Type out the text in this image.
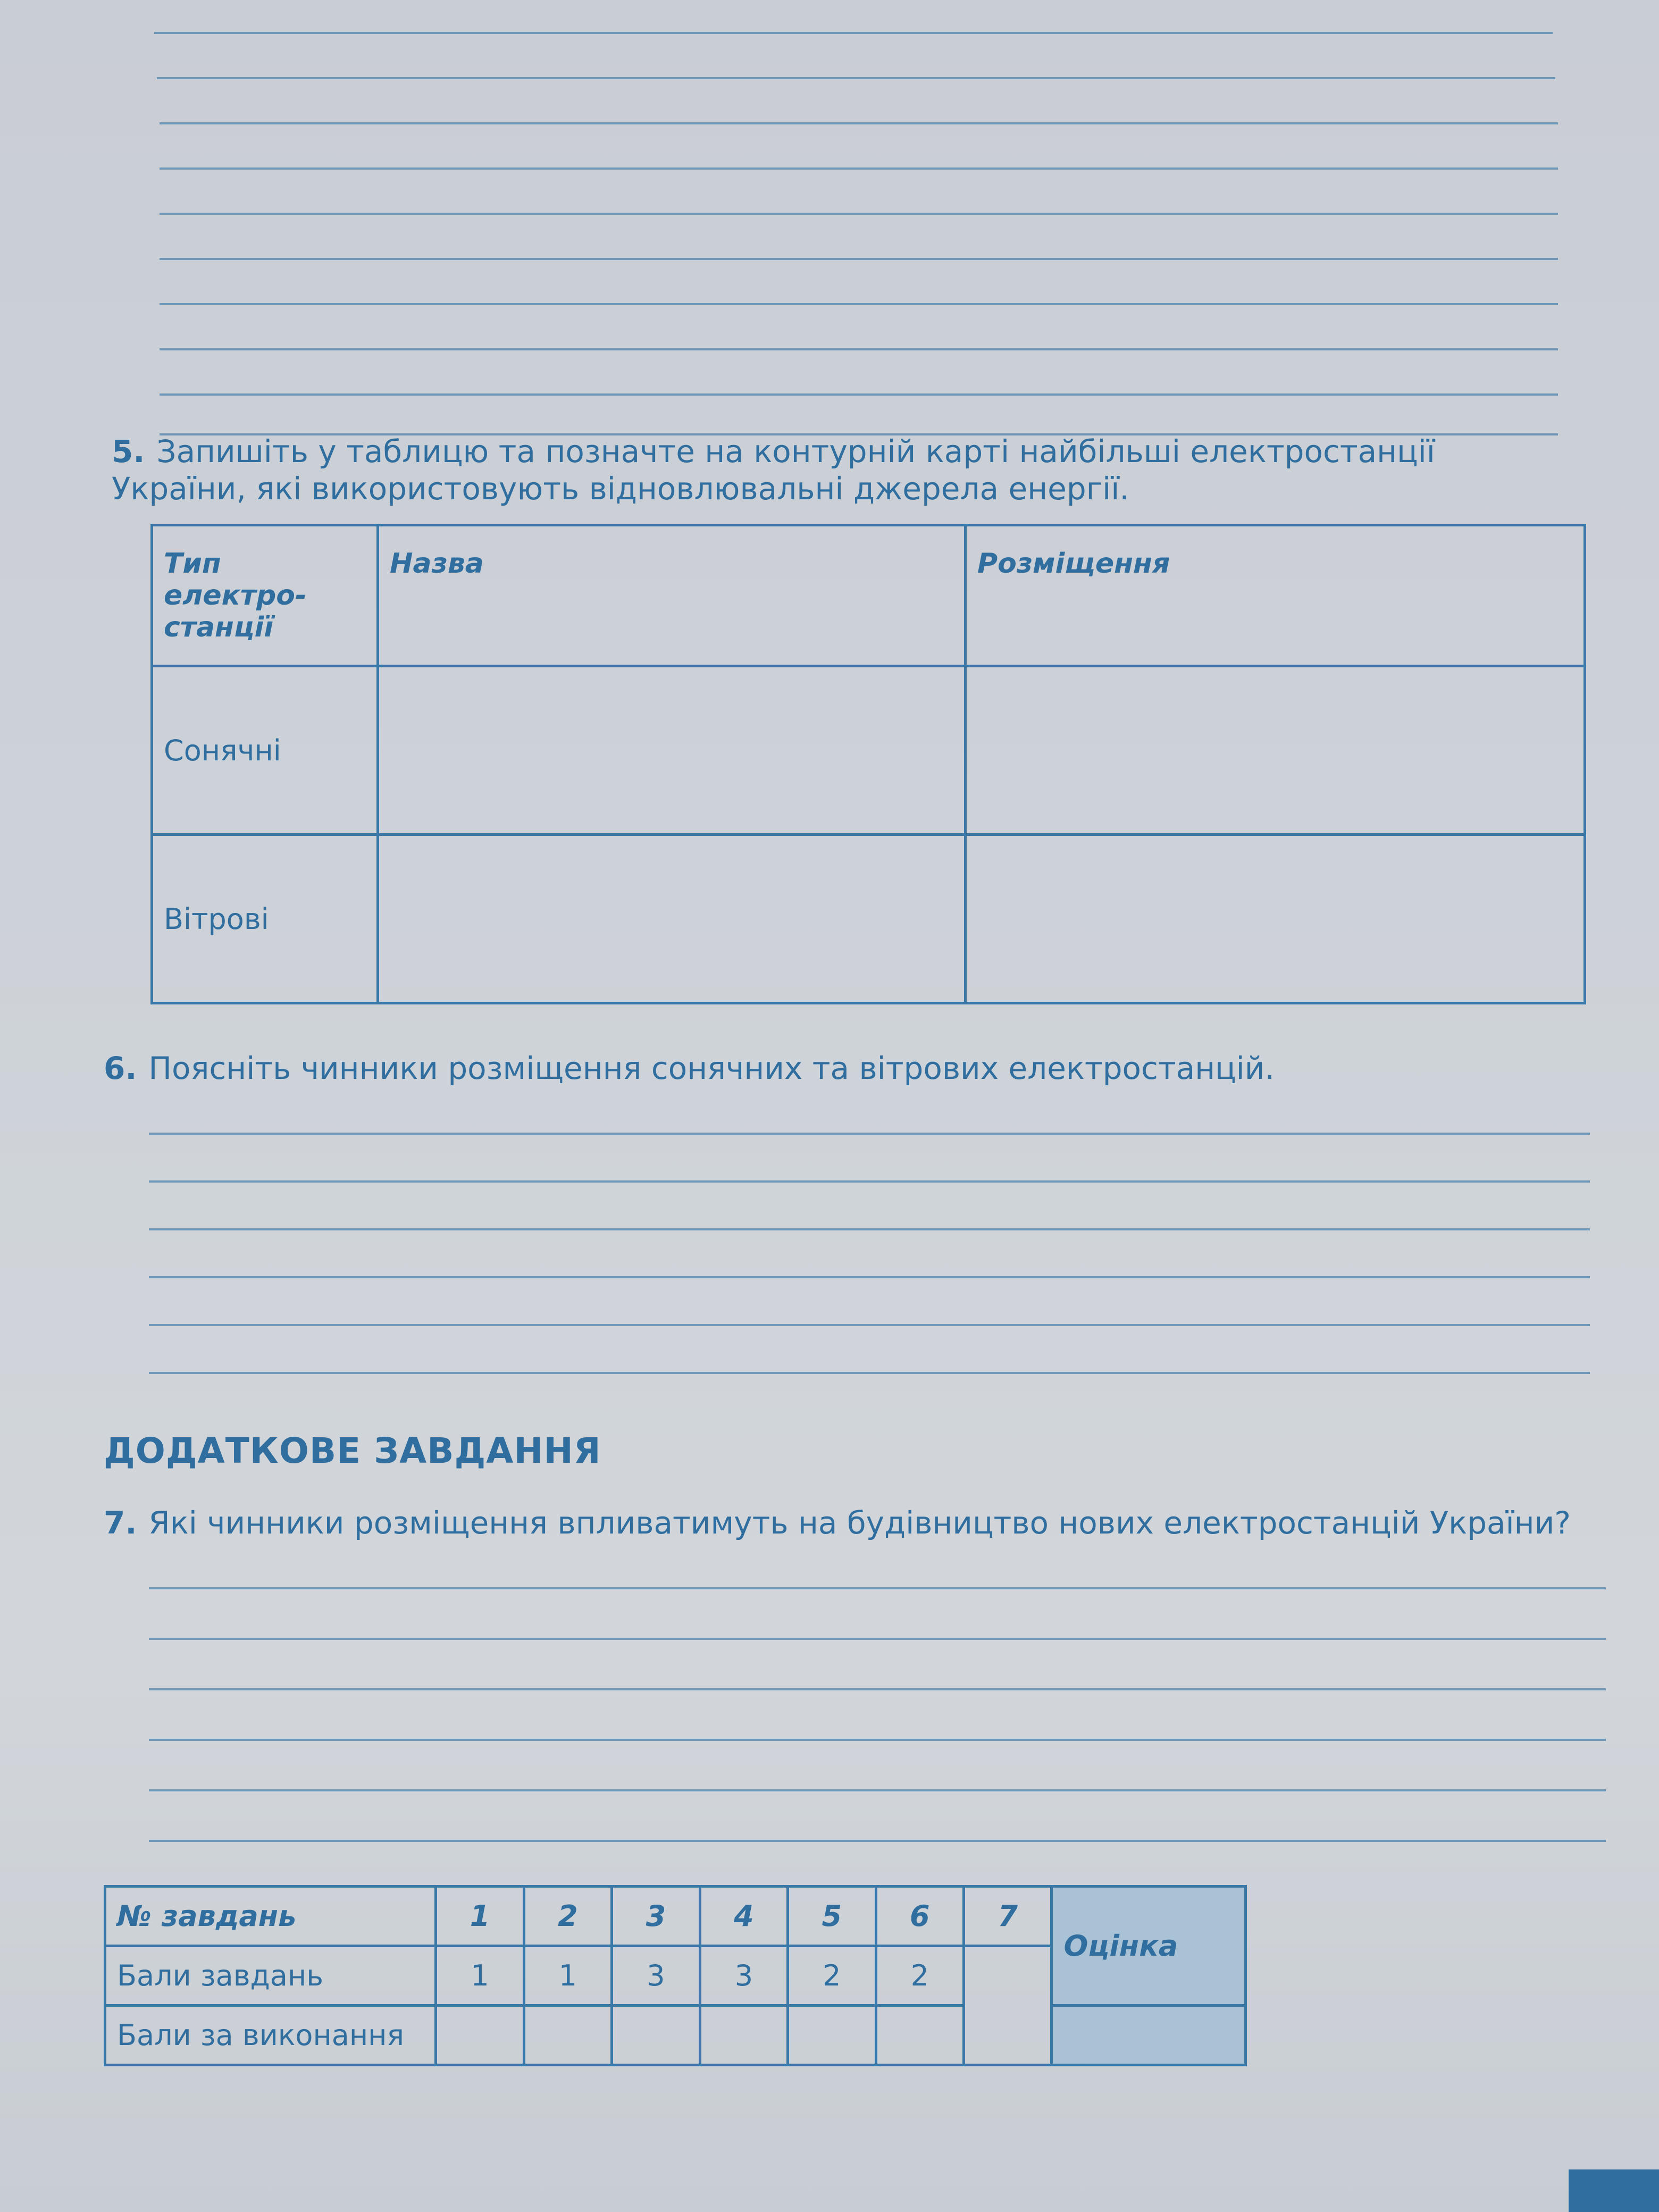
5. Запишіть у таблицю та позначте на контурній карті найбільші електростанції України, які використовують відновлювальні джерела енергії.
Тип електро-станції	Назва	Розміщення
Сонячні		
Вітрові		
6. Поясніть чинники розміщення сонячних та вітрових електростанцій.
ДОДАТКОВЕ ЗАВДАННЯ
7. Які чинники розміщення впливатимуть на будівництво нових електростанцій України?
№ завдань	1	2	3	4	5	6	7	Оцінка
Бали завдань	1	1	3	3	2	2		
Бали за виконання								
